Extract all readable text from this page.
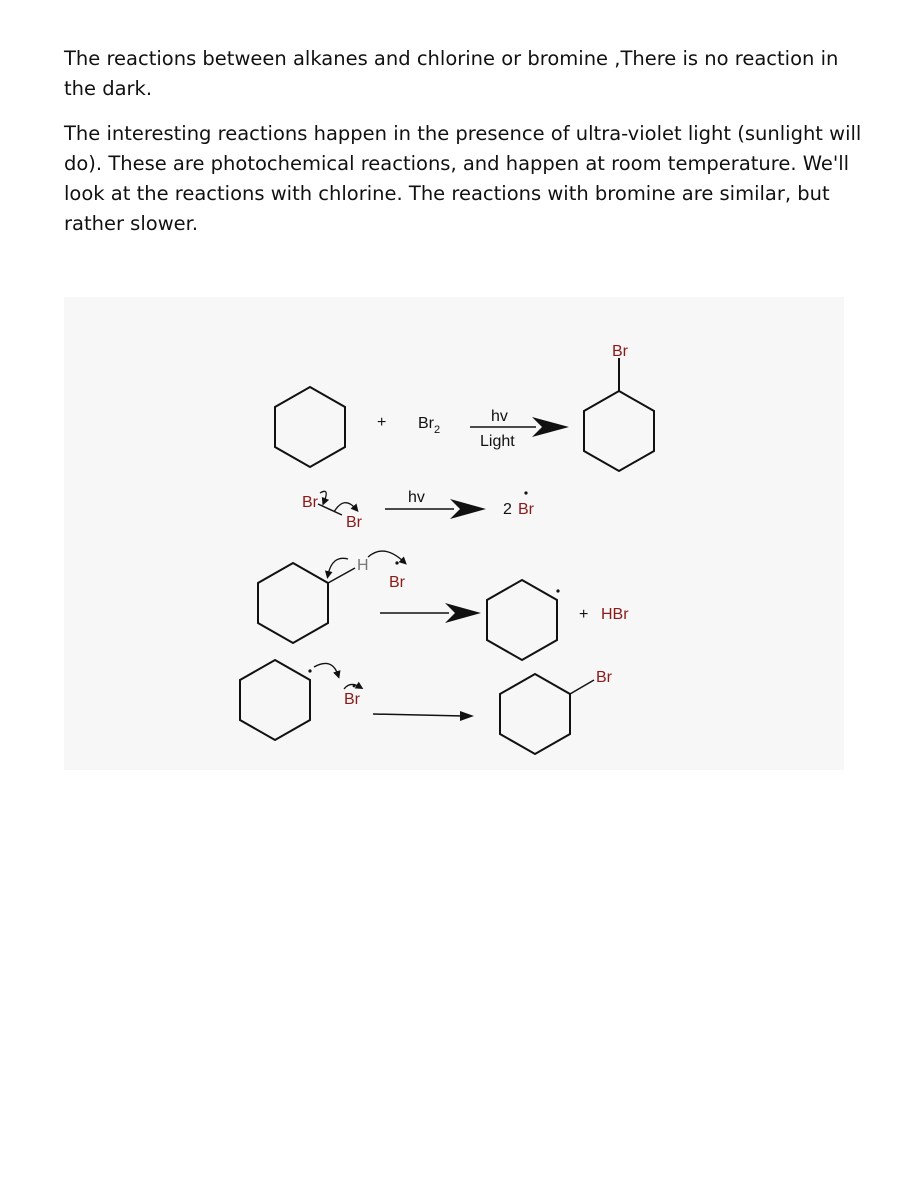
The reactions between alkanes and chlorine or bromine ,There is no reaction in the dark.

The interesting reactions happen in the presence of ultra-violet light (sunlight will do). These are photochemical reactions, and happen at room temperature. We'll look at the reactions with chlorine. The reactions with bromine are similar, but rather slower.

+ $Br_2$
hv
Light
Br
Br
Br
hv
2 Br
H
Br
+ HBr
Br
Br
